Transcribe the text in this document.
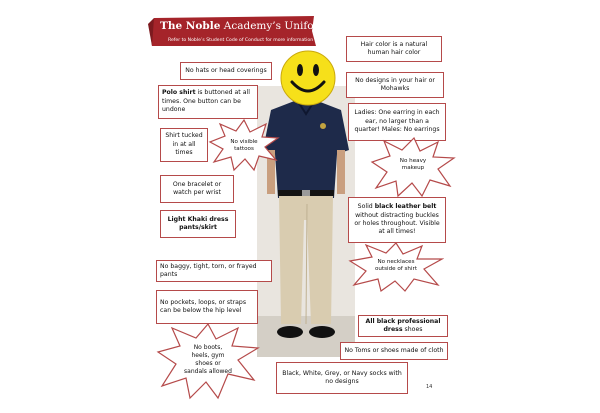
The Noble Academy’s Uniform Guide
Refer to Noble’s Student Code of Conduct for more information
Hair color is a natural human hair color
No hats or head coverings
No designs in your hair or Mohawks
Polo shirt is buttoned at all times. One button can be undone	Ladies: One earring in each ear, no larger than a quarter! Males: No earrings
Shirt tucked in at all times
One bracelet or watch per wrist
Solid black leather belt without distracting buckles or holes throughout. Visible at all times!
Light Khaki dress pants/skirt
No baggy, tight, torn, or frayed pants
No pockets, loops, or straps can be below the hip level
All black professional dress shoes
No Toms or shoes made of cloth
Black, White, Grey, or Navy socks with no designs
No visible tattoos
No heavy makeup
No necklaces outside of shirt
No boots, heels, gym shoes or sandals allowed
14
